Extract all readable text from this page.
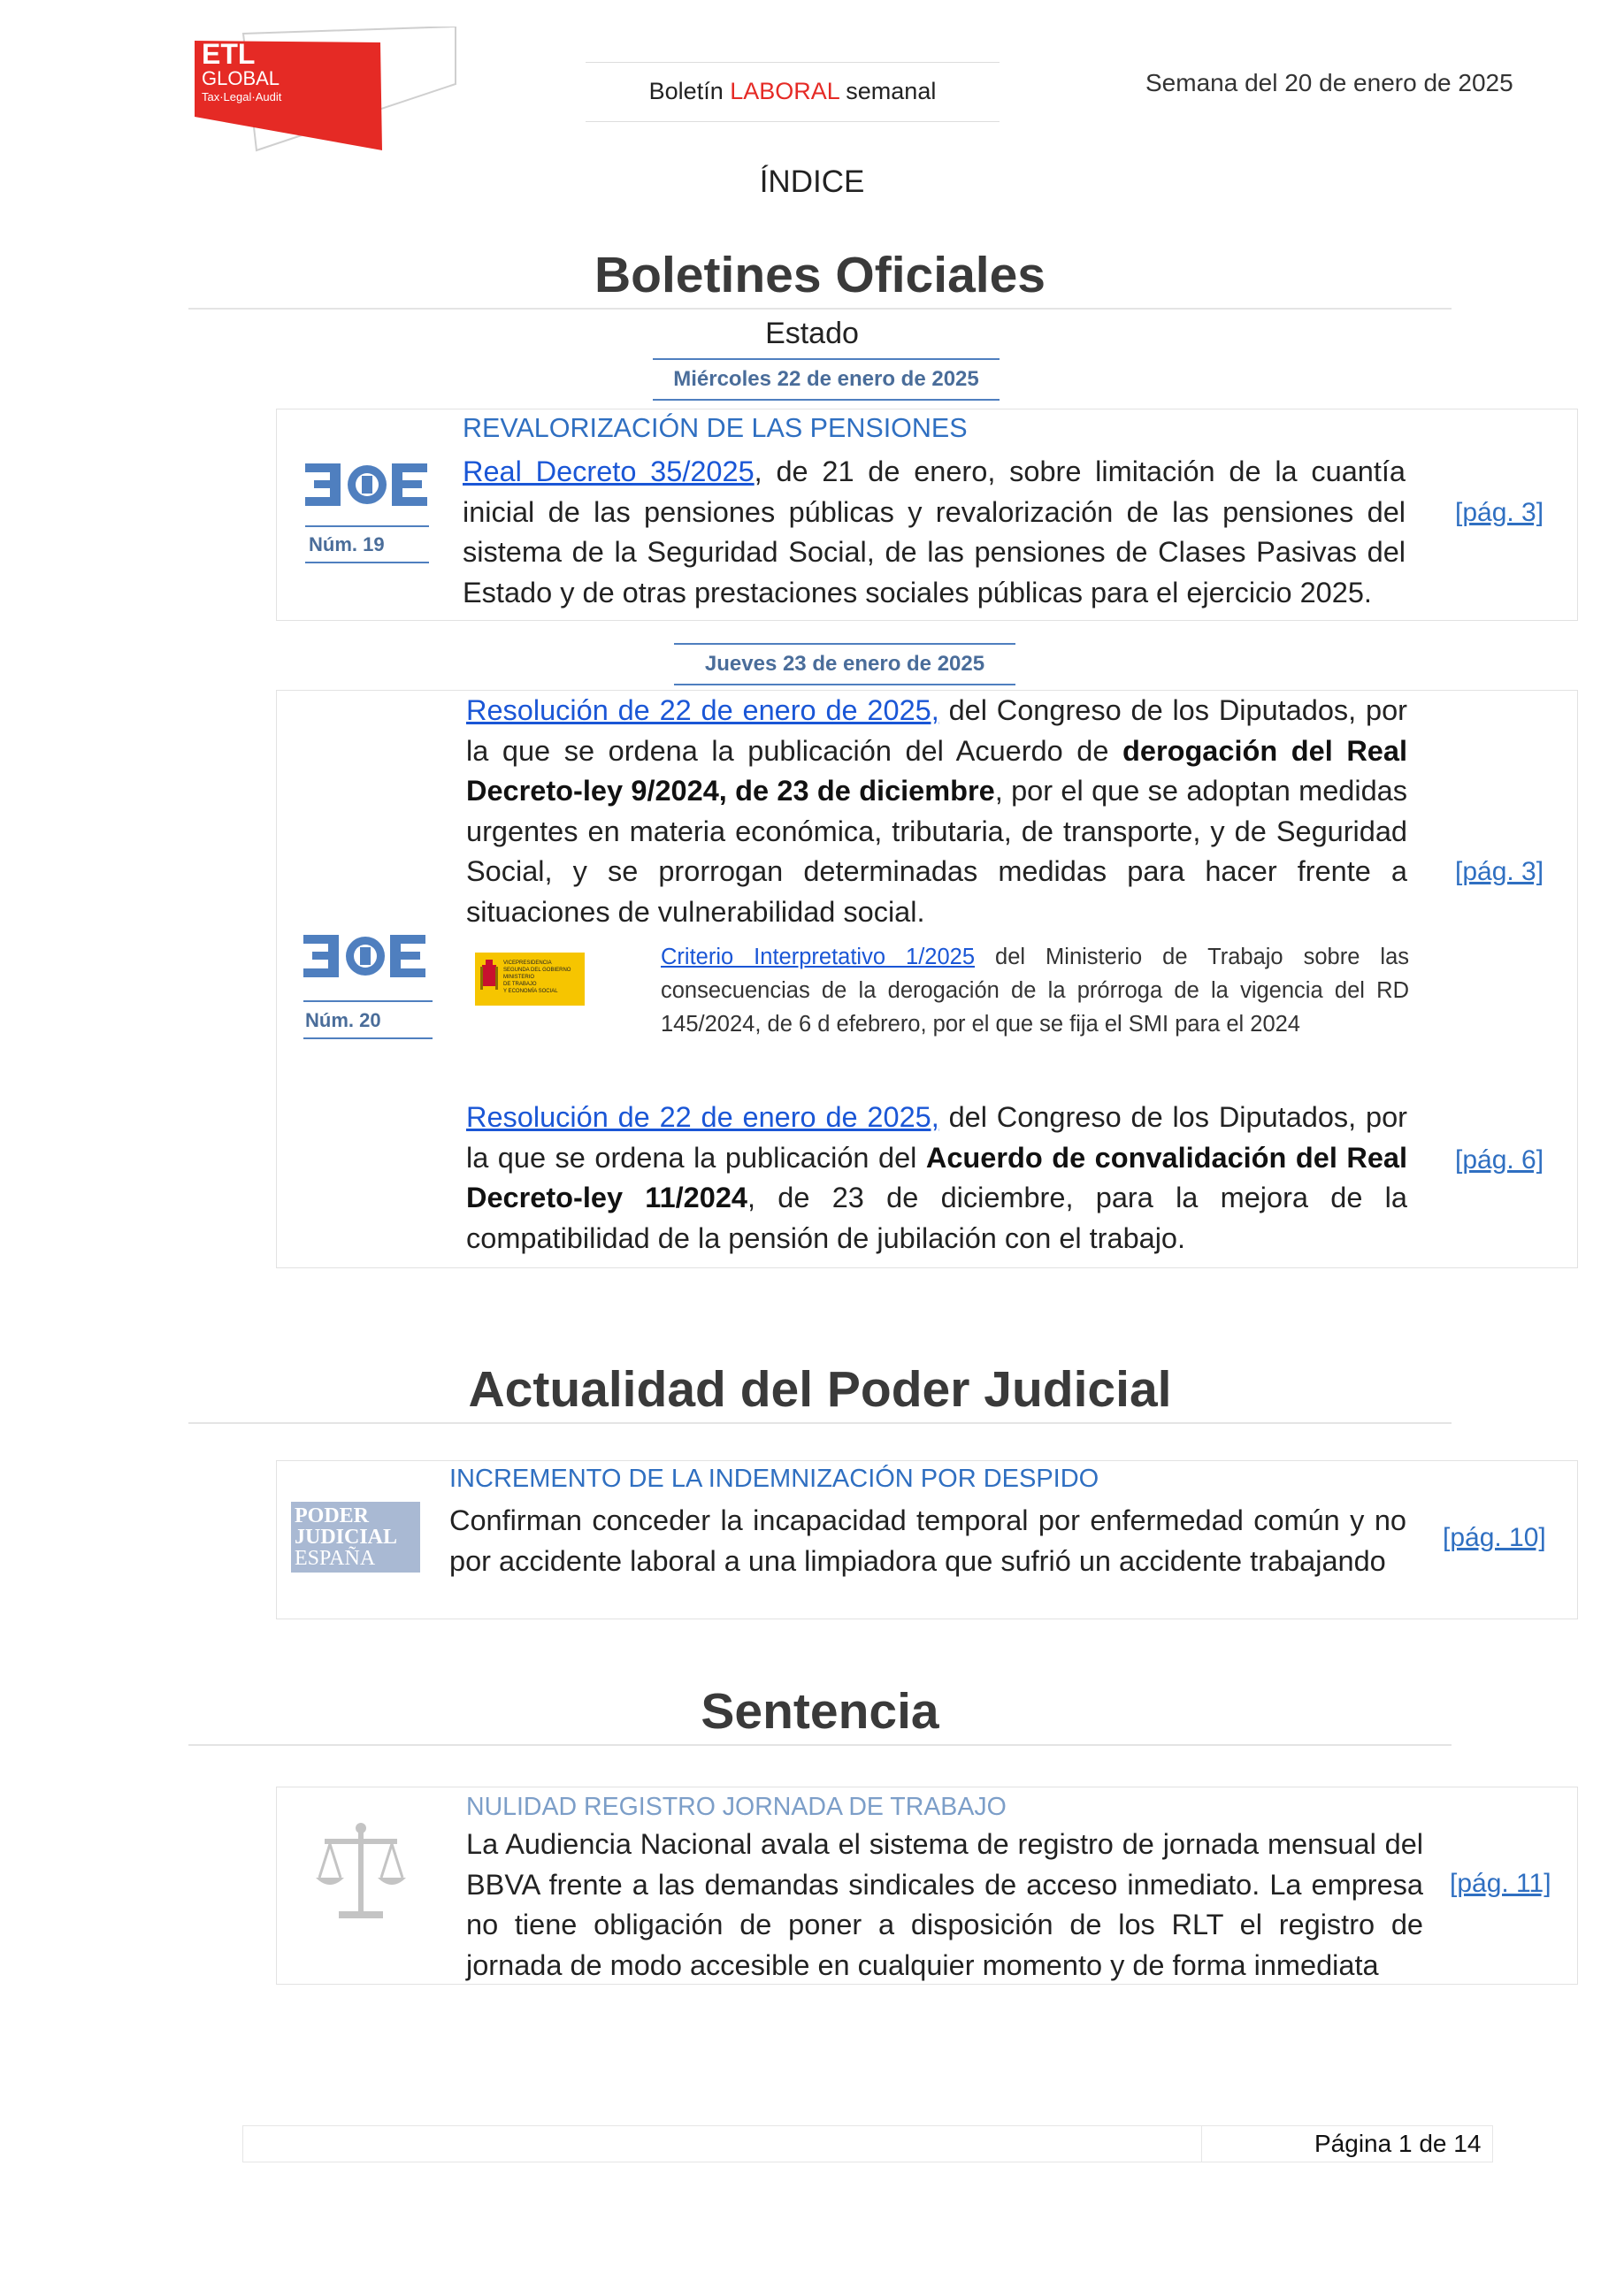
ETL
GLOBAL
Tax·Legal·Audit	Boletín LABORAL semanal	Semana del 20 de enero de 2025
ÍNDICE
Boletines Oficiales
Estado
Miércoles 22 de enero de 2025
Núm. 19
REVALORIZACIÓN DE LAS PENSIONES
Real Decreto 35/2025, de 21 de enero, sobre limitación de la cuantía inicial de las pensiones públicas y revalorización de las pensiones del sistema de la Seguridad Social, de las pensiones de Clases Pasivas del Estado y de otras prestaciones sociales públicas para el ejercicio 2025.
[pág. 3]
Jueves 23 de enero de 2025
Núm. 20
Resolución de 22 de enero de 2025, del Congreso de los Diputados, por la que se ordena la publicación del Acuerdo de derogación del Real Decreto-ley 9/2024, de 23 de diciembre, por el que se adoptan medidas urgentes en materia económica, tributaria, de transporte, y de Seguridad Social, y se prorrogan determinadas medidas para hacer frente a situaciones de vulnerabilidad social.
[pág. 3]
VICEPRESIDENCIA
SEGUNDA DEL GOBIERNO
MINISTERIO
DE TRABAJO
Y ECONOMÍA SOCIAL
Criterio Interpretativo 1/2025 del Ministerio de Trabajo sobre las consecuencias de la derogación de la prórroga de la vigencia del RD 145/2024, de 6 d efebrero, por el que se fija el SMI para el 2024
Resolución de 22 de enero de 2025, del Congreso de los Diputados, por la que se ordena la publicación del Acuerdo de convalidación del Real Decreto-ley 11/2024, de 23 de diciembre, para la mejora de la compatibilidad de la pensión de jubilación con el trabajo.
[pág. 6]
Actualidad del Poder Judicial
PODER
JUDICIAL
ESPAÑA
INCREMENTO DE LA INDEMNIZACIÓN POR DESPIDO
Confirman conceder la incapacidad temporal por enfermedad común y no por accidente laboral a una limpiadora que sufrió un accidente trabajando
[pág. 10]
Sentencia
NULIDAD REGISTRO JORNADA DE TRABAJO
La Audiencia Nacional avala el sistema de registro de jornada mensual del BBVA frente a las demandas sindicales de acceso inmediato. La empresa no tiene obligación de poner a disposición de los RLT el registro de jornada de modo accesible en cualquier momento y de forma inmediata
[pág. 11]
Página 1 de 14
